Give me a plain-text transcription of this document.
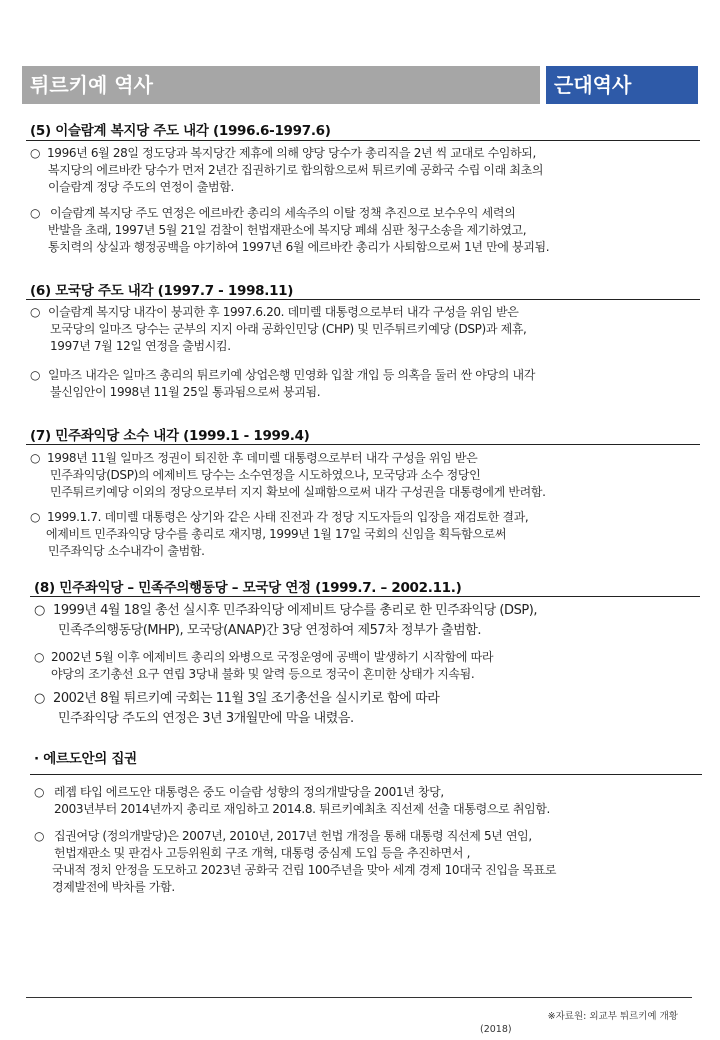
튀르키예 역사	근대역사
(5) 이슬람계 복지당 주도 내각 (1996.6-1997.6)
○ 1996년 6월 28일 정도당과 복지당간 제휴에 의해 양당 당수가 총리직을 2년 씩 교대로 수임하되,
복지당의 에르바칸 당수가 먼저 2년간 집권하기로 합의함으로써 튀르키예 공화국 수립 이래 최초의
이슬람계 정당 주도의 연정이 출범함.
○ 이슬람계 복지당 주도 연정은 에르바칸 총리의 세속주의 이탈 정책 추진으로 보수우익 세력의
반발을 초래, 1997년 5월 21일 검찰이 헌법재판소에 복지당 폐쇄 심판 청구소송을 제기하였고,
통치력의 상실과 행정공백을 야기하여 1997년 6월 에르바칸 총리가 사퇴함으로써 1년 만에 붕괴됨.
(6) 모국당 주도 내각 (1997.7 - 1998.11)
○ 이슬람계 복지당 내각이 붕괴한 후 1997.6.20. 데미렐 대통령으로부터 내각 구성을 위임 받은
모국당의 일마즈 당수는 군부의 지지 아래 공화인민당 (CHP) 및 민주튀르키예당 (DSP)과 제휴,
1997년 7월 12일 연정을 출범시킴.
○ 일마즈 내각은 일마즈 총리의 튀르키예 상업은행 민영화 입찰 개입 등 의혹을 둘러 싼 야당의 내각
불신임안이 1998년 11월 25일 통과됨으로써 붕괴됨.
(7) 민주좌익당 소수 내각 (1999.1 - 1999.4)
○ 1998년 11월 일마즈 정권이 퇴진한 후 데미렐 대통령으로부터 내각 구성을 위임 받은
민주좌익당(DSP)의 에제비트 당수는 소수연정을 시도하였으나, 모국당과 소수 정당인
민주튀르키예당 이외의 정당으로부터 지지 확보에 실패함으로써 내각 구성권을 대통령에게 반려함.
○ 1999.1.7. 데미렐 대통령은 상기와 같은 사태 진전과 각 정당 지도자들의 입장을 재검토한 결과,
에제비트 민주좌익당 당수를 총리로 재지명, 1999년 1월 17일 국회의 신임을 획득함으로써
민주좌익당 소수내각이 출범함.
(8) 민주좌익당 – 민족주의행동당 – 모국당 연정 (1999.7. – 2002.11.)
○ 1999년 4월 18일 총선 실시후 민주좌익당 에제비트 당수를 총리로 한 민주좌익당 (DSP),
민족주의행동당(MHP), 모국당(ANAP)간 3당 연정하여 제57차 정부가 출범함.
○ 2002년 5월 이후 에제비트 총리의 와병으로 국정운영에 공백이 발생하기 시작함에 따라
야당의 조기총선 요구 연립 3당내 불화 및 알력 등으로 정국이 혼미한 상태가 지속됨.
○ 2002년 8월 튀르키예 국회는 11월 3일 조기총선을 실시키로 함에 따라
민주좌익당 주도의 연정은 3년 3개월만에 막을 내렸음.
· 에르도안의 집권
○ 레젭 타입 에르도안 대통령은 중도 이슬람 성향의 정의개발당을 2001년 창당,
2003년부터 2014년까지 총리로 재임하고 2014.8. 튀르키예최초 직선제 선출 대통령으로 취임함.
○ 집권여당 (정의개발당)은 2007년, 2010년, 2017년 헌법 개정을 통해 대통령 직선제 5년 연임,
헌법재판소 및 판검사 고등위원회 구조 개혁, 대통령 중심제 도입 등을 추진하면서 ,
국내적 정치 안정을 도모하고 2023년 공화국 건립 100주년을 맞아 세계 경제 10대국 진입을 목표로
경제발전에 박차를 가함.
※자료원: 외교부 튀르키예 개황
(2018)
